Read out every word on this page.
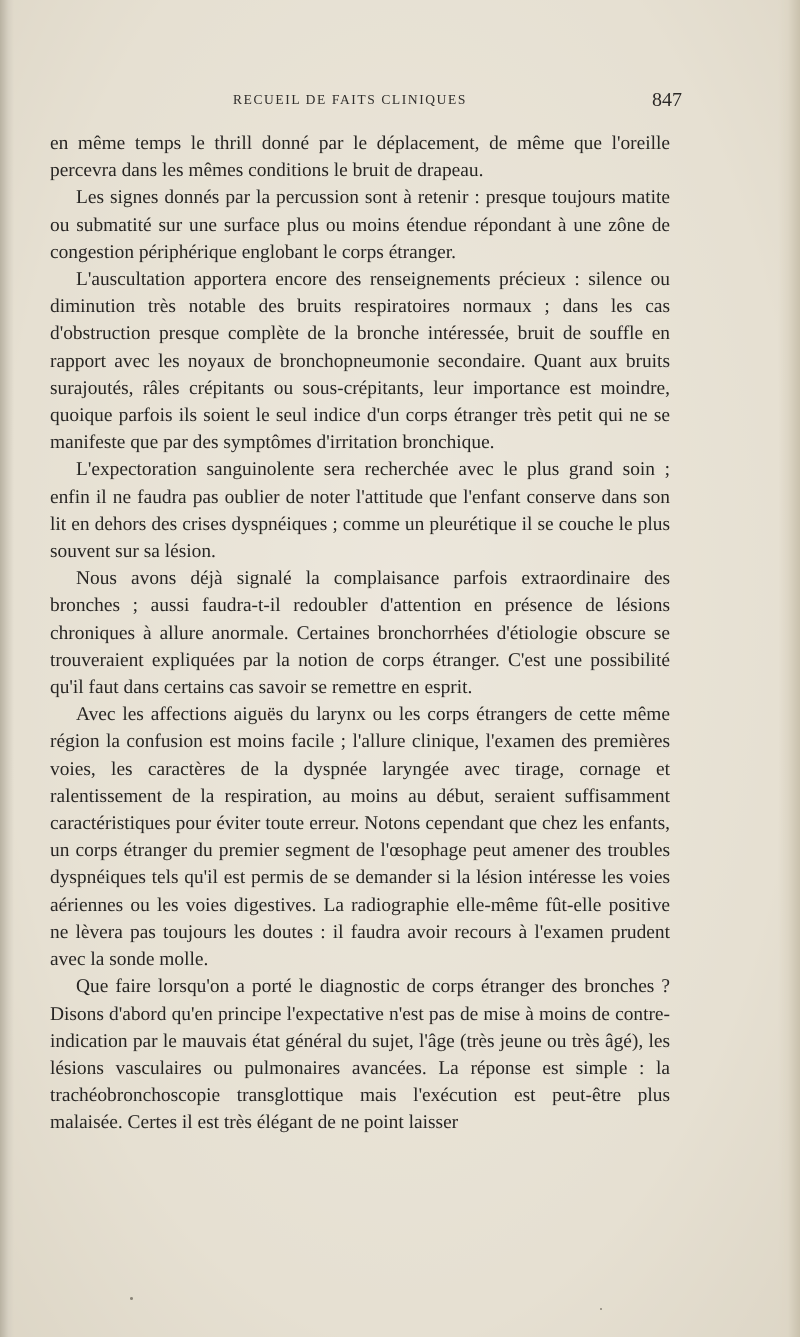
RECUEIL DE FAITS CLINIQUES	847

en même temps le thrill donné par le déplacement, de même que l'oreille percevra dans les mêmes conditions le bruit de drapeau.

Les signes donnés par la percussion sont à retenir : presque toujours matite ou submatité sur une surface plus ou moins étendue répondant à une zône de congestion périphérique englobant le corps étranger.

L'auscultation apportera encore des renseignements précieux : silence ou diminution très notable des bruits respiratoires normaux ; dans les cas d'obstruction presque complète de la bronche intéressée, bruit de souffle en rapport avec les noyaux de bronchopneumonie secondaire. Quant aux bruits surajoutés, râles crépitants ou sous-crépitants, leur importance est moindre, quoique parfois ils soient le seul indice d'un corps étranger très petit qui ne se manifeste que par des symptômes d'irritation bronchique.

L'expectoration sanguinolente sera recherchée avec le plus grand soin ; enfin il ne faudra pas oublier de noter l'attitude que l'enfant conserve dans son lit en dehors des crises dyspnéiques ; comme un pleurétique il se couche le plus souvent sur sa lésion.

Nous avons déjà signalé la complaisance parfois extraordinaire des bronches ; aussi faudra-t-il redoubler d'attention en présence de lésions chroniques à allure anormale. Certaines bronchorrhées d'étiologie obscure se trouveraient expliquées par la notion de corps étranger. C'est une possibilité qu'il faut dans certains cas savoir se remettre en esprit.

Avec les affections aiguës du larynx ou les corps étrangers de cette même région la confusion est moins facile ; l'allure clinique, l'examen des premières voies, les caractères de la dyspnée laryngée avec tirage, cornage et ralentissement de la respiration, au moins au début, seraient suffisamment caractéristiques pour éviter toute erreur. Notons cependant que chez les enfants, un corps étranger du premier segment de l'œsophage peut amener des troubles dyspnéiques tels qu'il est permis de se demander si la lésion intéresse les voies aériennes ou les voies digestives. La radiographie elle-même fût-elle positive ne lèvera pas toujours les doutes : il faudra avoir recours à l'examen prudent avec la sonde molle.

Que faire lorsqu'on a porté le diagnostic de corps étranger des bronches ? Disons d'abord qu'en principe l'expectative n'est pas de mise à moins de contre-indication par le mauvais état général du sujet, l'âge (très jeune ou très âgé), les lésions vasculaires ou pulmonaires avancées. La réponse est simple : la trachéobronchoscopie transglottique mais l'exécution est peut-être plus malaisée. Certes il est très élégant de ne point laisser
